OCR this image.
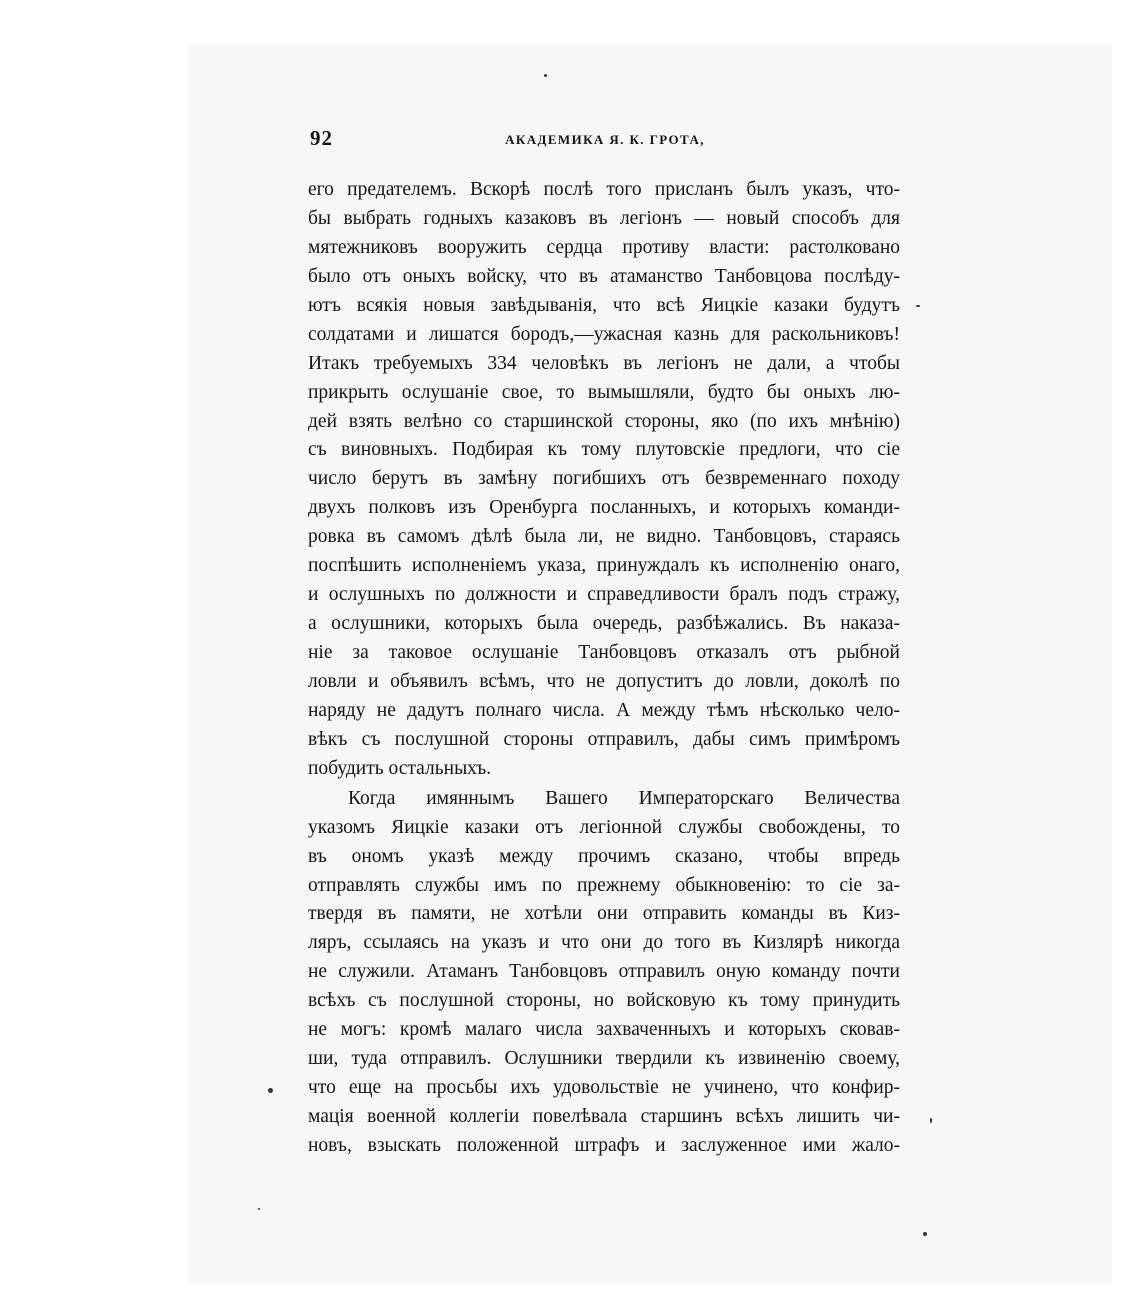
92	АКАДЕМИКА Я. К. ГРОТА,
его предателемъ. Вскорѣ послѣ того присланъ былъ указъ, что-
бы выбрать годныхъ казаковъ въ легіонъ — новый способъ для
мятежниковъ вооружить сердца противу власти: растолковано
было отъ оныхъ войску, что въ атаманство Танбовцова послѣду-
ютъ всякія новыя завѣдыванія, что всѣ Яицкіе казаки будутъ
солдатами и лишатся бородъ,—ужасная казнь для раскольниковъ!
Итакъ требуемыхъ 334 человѣкъ въ легіонъ не дали, а чтобы
прикрыть ослушаніе свое, то вымышляли, будто бы оныхъ лю-
дей взять велѣно со старшинской стороны, яко (по ихъ мнѣнію)
съ виновныхъ. Подбирая къ тому плутовскіе предлоги, что сіе
число берутъ въ замѣну погибшихъ отъ безвременнаго походу
двухъ полковъ изъ Оренбурга посланныхъ, и которыхъ команди-
ровка въ самомъ дѣлѣ была ли, не видно. Танбовцовъ, стараясь
поспѣшить исполненіемъ указа, принуждалъ къ исполненію онаго,
и ослушныхъ по должности и справедливости бралъ подъ стражу,
а ослушники, которыхъ была очередь, разбѣжались. Въ наказа-
ніе за таковое ослушаніе Танбовцовъ отказалъ отъ рыбной
ловли и объявилъ всѣмъ, что не допуститъ до ловли, доколѣ по
наряду не дадутъ полнаго числа. А между тѣмъ нѣсколько чело-
вѣкъ съ послушной стороны отправилъ, дабы симъ примѣромъ
побудить остальныхъ.
Когда имяннымъ Вашего Императорскаго Величества
указомъ Яицкіе казаки отъ легіонной службы свобождены, то
въ ономъ указѣ между прочимъ сказано, чтобы впредь
отправлять службы имъ по прежнему обыкновенію: то сіе за-
твердя въ памяти, не хотѣли они отправить команды въ Киз-
ляръ, ссылаясь на указъ и что они до того въ Кизлярѣ никогда
не служили. Атаманъ Танбовцовъ отправилъ оную команду почти
всѣхъ съ послушной стороны, но войсковую къ тому принудить
не могъ: кромѣ малаго числа захваченныхъ и которыхъ сковав-
ши, туда отправилъ. Ослушники твердили къ извиненію своему,
что еще на просьбы ихъ удовольствіе не учинено, что конфир-
мація военной коллегіи повелѣвала старшинъ всѣхъ лишить чи-
новъ, взыскать положенной штрафъ и заслуженное ими жало-
